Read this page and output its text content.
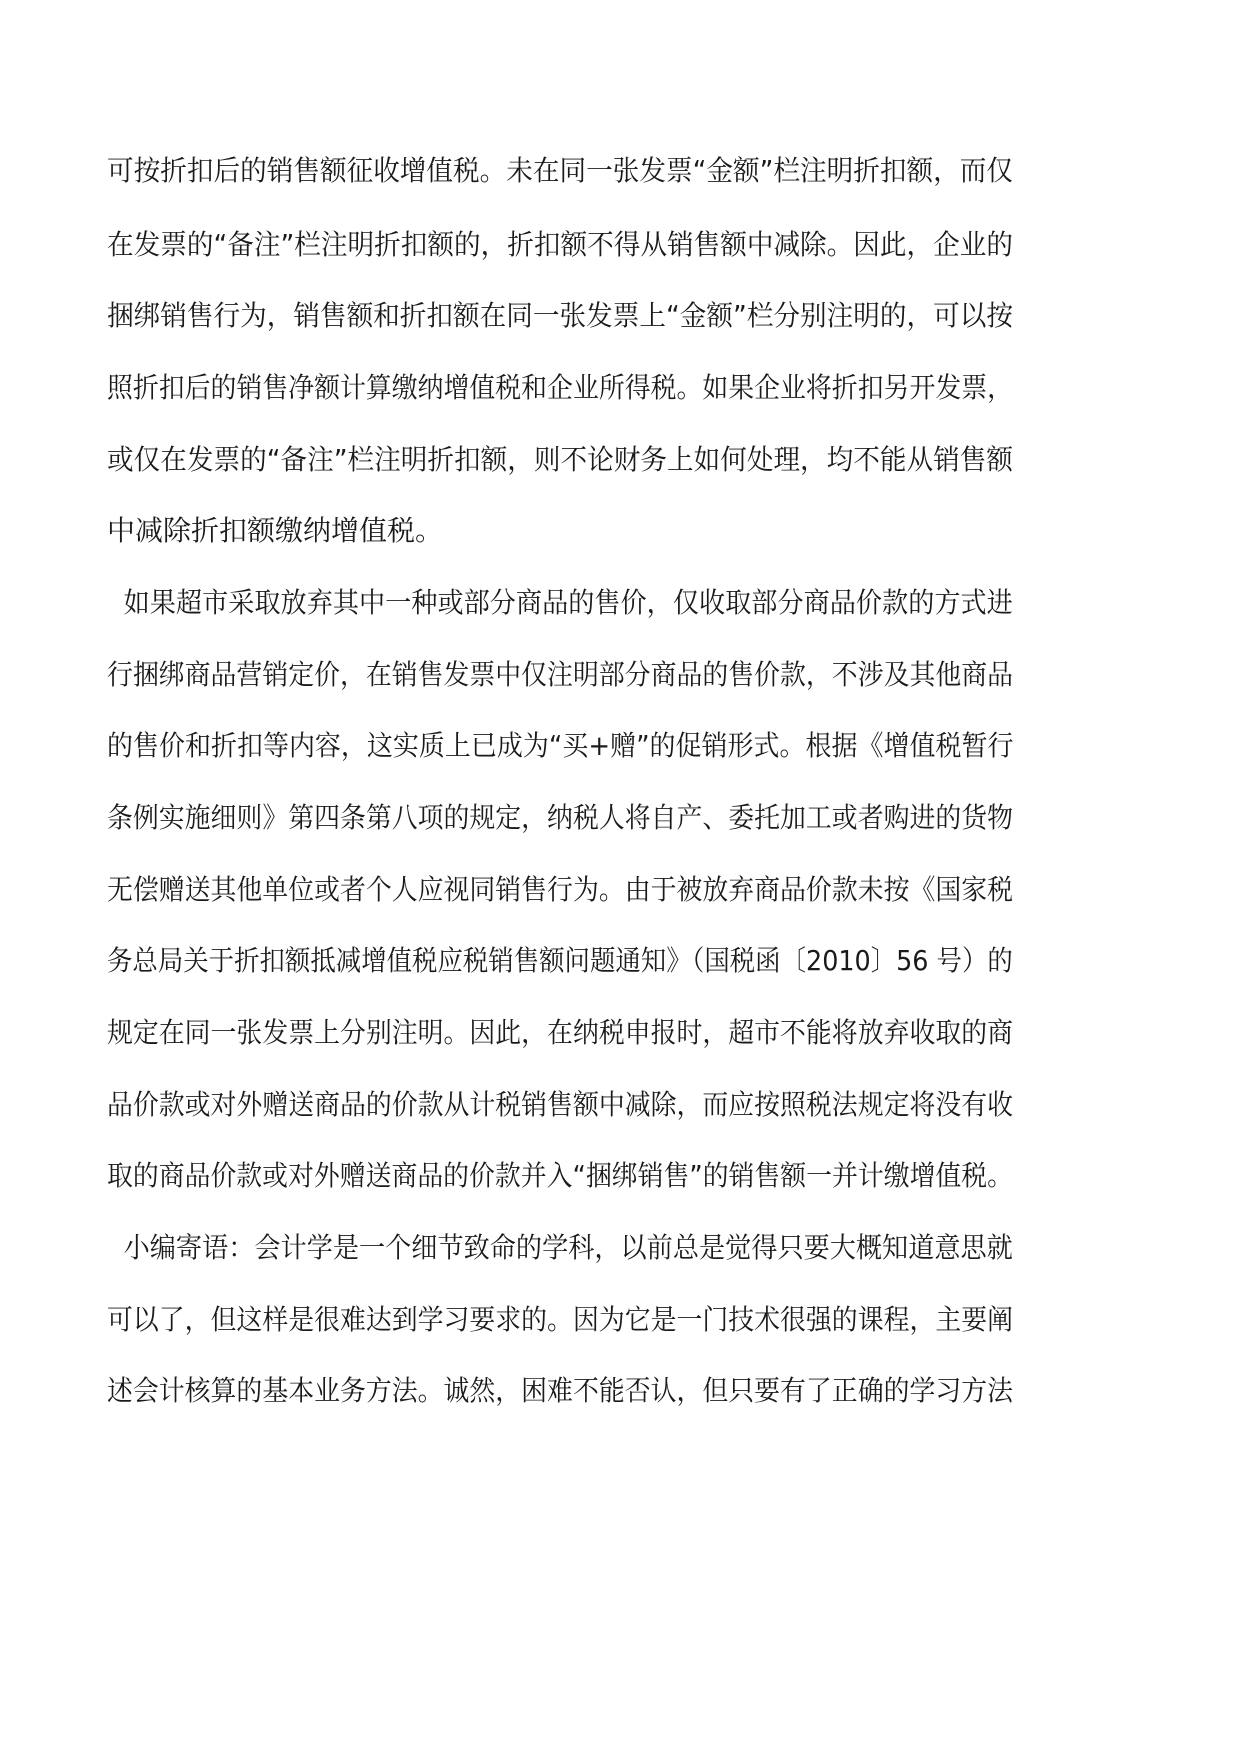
可按折扣后的销售额征收增值税。未在同一张发票“金额”栏注明折扣额，而仅
在发票的“备注”栏注明折扣额的，折扣额不得从销售额中减除。因此，企业的
捆绑销售行为，销售额和折扣额在同一张发票上“金额”栏分别注明的，可以按
照折扣后的销售净额计算缴纳增值税和企业所得税。如果企业将折扣另开发票，
或仅在发票的“备注”栏注明折扣额，则不论财务上如何处理，均不能从销售额
中减除折扣额缴纳增值税。
如果超市采取放弃其中一种或部分商品的售价，仅收取部分商品价款的方式进
行捆绑商品营销定价，在销售发票中仅注明部分商品的售价款，不涉及其他商品
的售价和折扣等内容，这实质上已成为“买+赠”的促销形式。根据《增值税暂行
条例实施细则》第四条第八项的规定，纳税人将自产、委托加工或者购进的货物
无偿赠送其他单位或者个人应视同销售行为。由于被放弃商品价款未按《国家税
务总局关于折扣额抵减增值税应税销售额问题通知》（国税函〔2010〕56 号）的
规定在同一张发票上分别注明。因此，在纳税申报时，超市不能将放弃收取的商
品价款或对外赠送商品的价款从计税销售额中减除，而应按照税法规定将没有收
取的商品价款或对外赠送商品的价款并入“捆绑销售”的销售额一并计缴增值税。
小编寄语：会计学是一个细节致命的学科，以前总是觉得只要大概知道意思就
可以了，但这样是很难达到学习要求的。因为它是一门技术很强的课程，主要阐
述会计核算的基本业务方法。诚然，困难不能否认，但只要有了正确的学习方法
